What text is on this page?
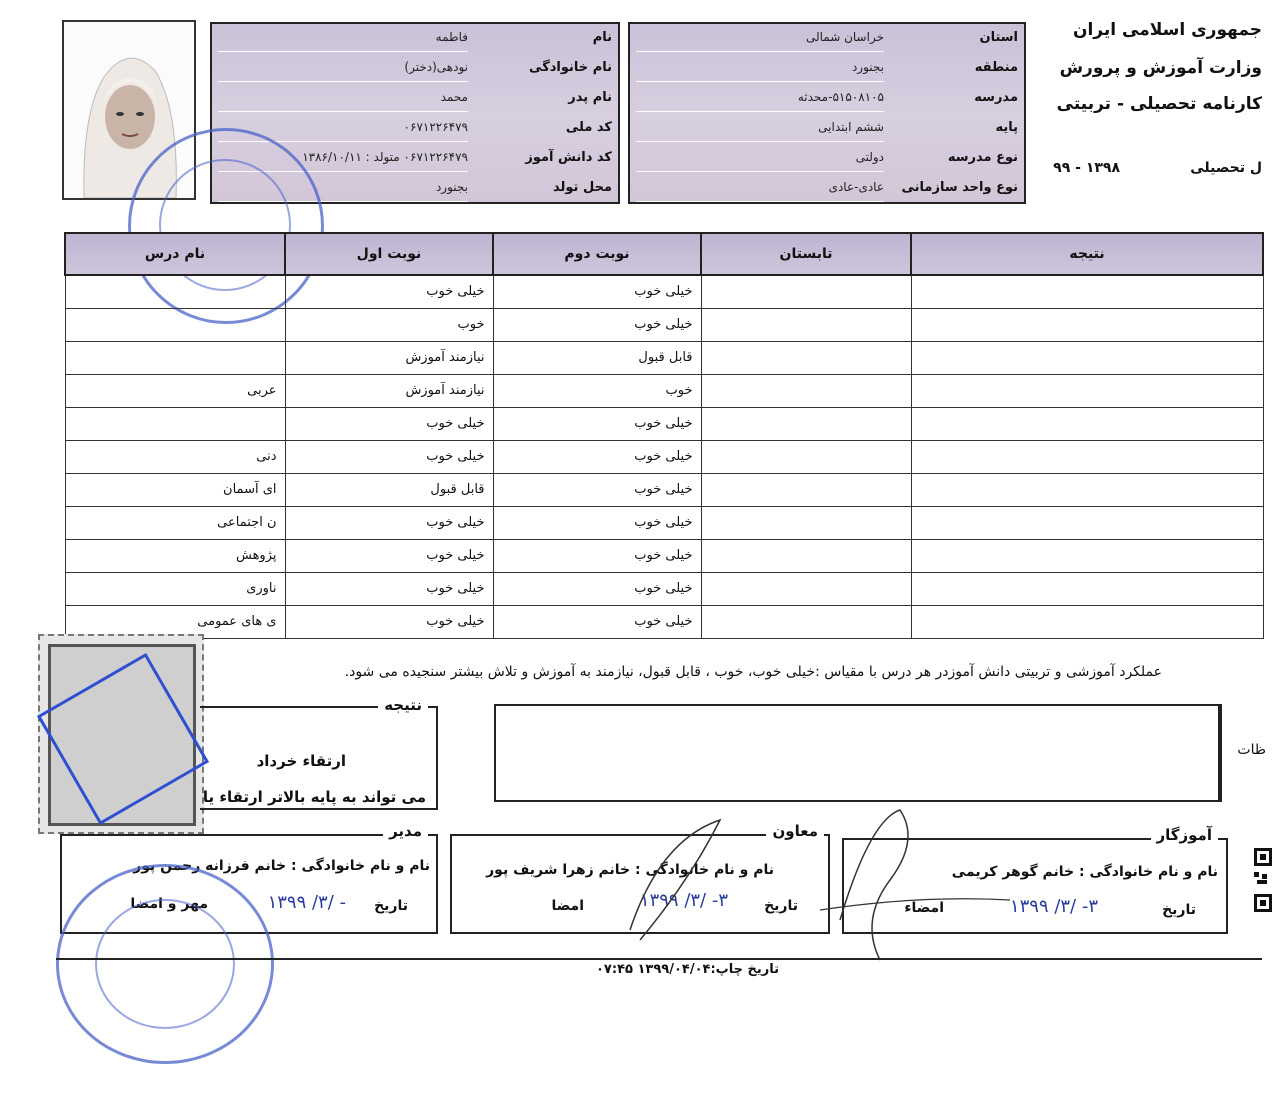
جمهوری اسلامی ایران
وزارت آموزش و پرورش
کارنامه تحصیلی - تربیتی
ل تحصیلی
۹۹ - ۱۳۹۸
استان
خراسان شمالی
منطقه
بجنورد
مدرسه
۵۱۵۰۸۱۰۵-محدثه
پایه
ششم ابتدایی
نوع مدرسه
دولتی
نوع واحد سازمانی
عادی-عادی
نام
فاطمه
نام خانوادگی
نودهی(دختر)
نام پدر
محمد
کد ملی
۰۶۷۱۲۲۶۴۷۹
کد دانش آموز
۰۶۷۱۲۲۶۴۷۹ متولد : ۱۳۸۶/۱۰/۱۱
محل تولد
بجنورد
نتیجه	تابستان	نوبت دوم	نوبت اول	نام درس
		خیلی خوب	خیلی خوب	
		خیلی خوب	خوب	
		قابل قبول	نیازمند آموزش	
		خوب	نیازمند آموزش	عربی
		خیلی خوب	خیلی خوب	
		خیلی خوب	خیلی خوب	دنی
		خیلی خوب	قابل قبول	ای آسمان
		خیلی خوب	خیلی خوب	ن اجتماعی
		خیلی خوب	خیلی خوب	پژوهش
		خیلی خوب	خیلی خوب	ناوری
		خیلی خوب	خیلی خوب	ی های عمومی
عملکرد آموزشی و تربیتی دانش آموزدر هر درس با مقیاس :خیلی خوب، خوب ، قابل قبول، نیازمند به آموزش و تلاش بیشتر سنجیده می شود.
ظات
نتیجه
ارتقاء خرداد
می تواند به پایه بالاتر ارتقاء یا
آموزگار
نام و نام خانوادگی : خانم گوهر کریمی
تاریخ
۱۳۹۹ /۳/ -۳
امضاء
معاون
نام و نام خانوادگی : خانم زهرا شریف پور
تاریخ
۱۳۹۹ /۳/ -۳
امضا
مدیر
نام و نام خانوادگی : خانم فرزانه رحمن پور
تاریخ
۱۳۹۹ /۳/ -
مهر و امضا
تاریخ چاپ:۱۳۹۹/۰۴/۰۴ ۰۷:۴۵
